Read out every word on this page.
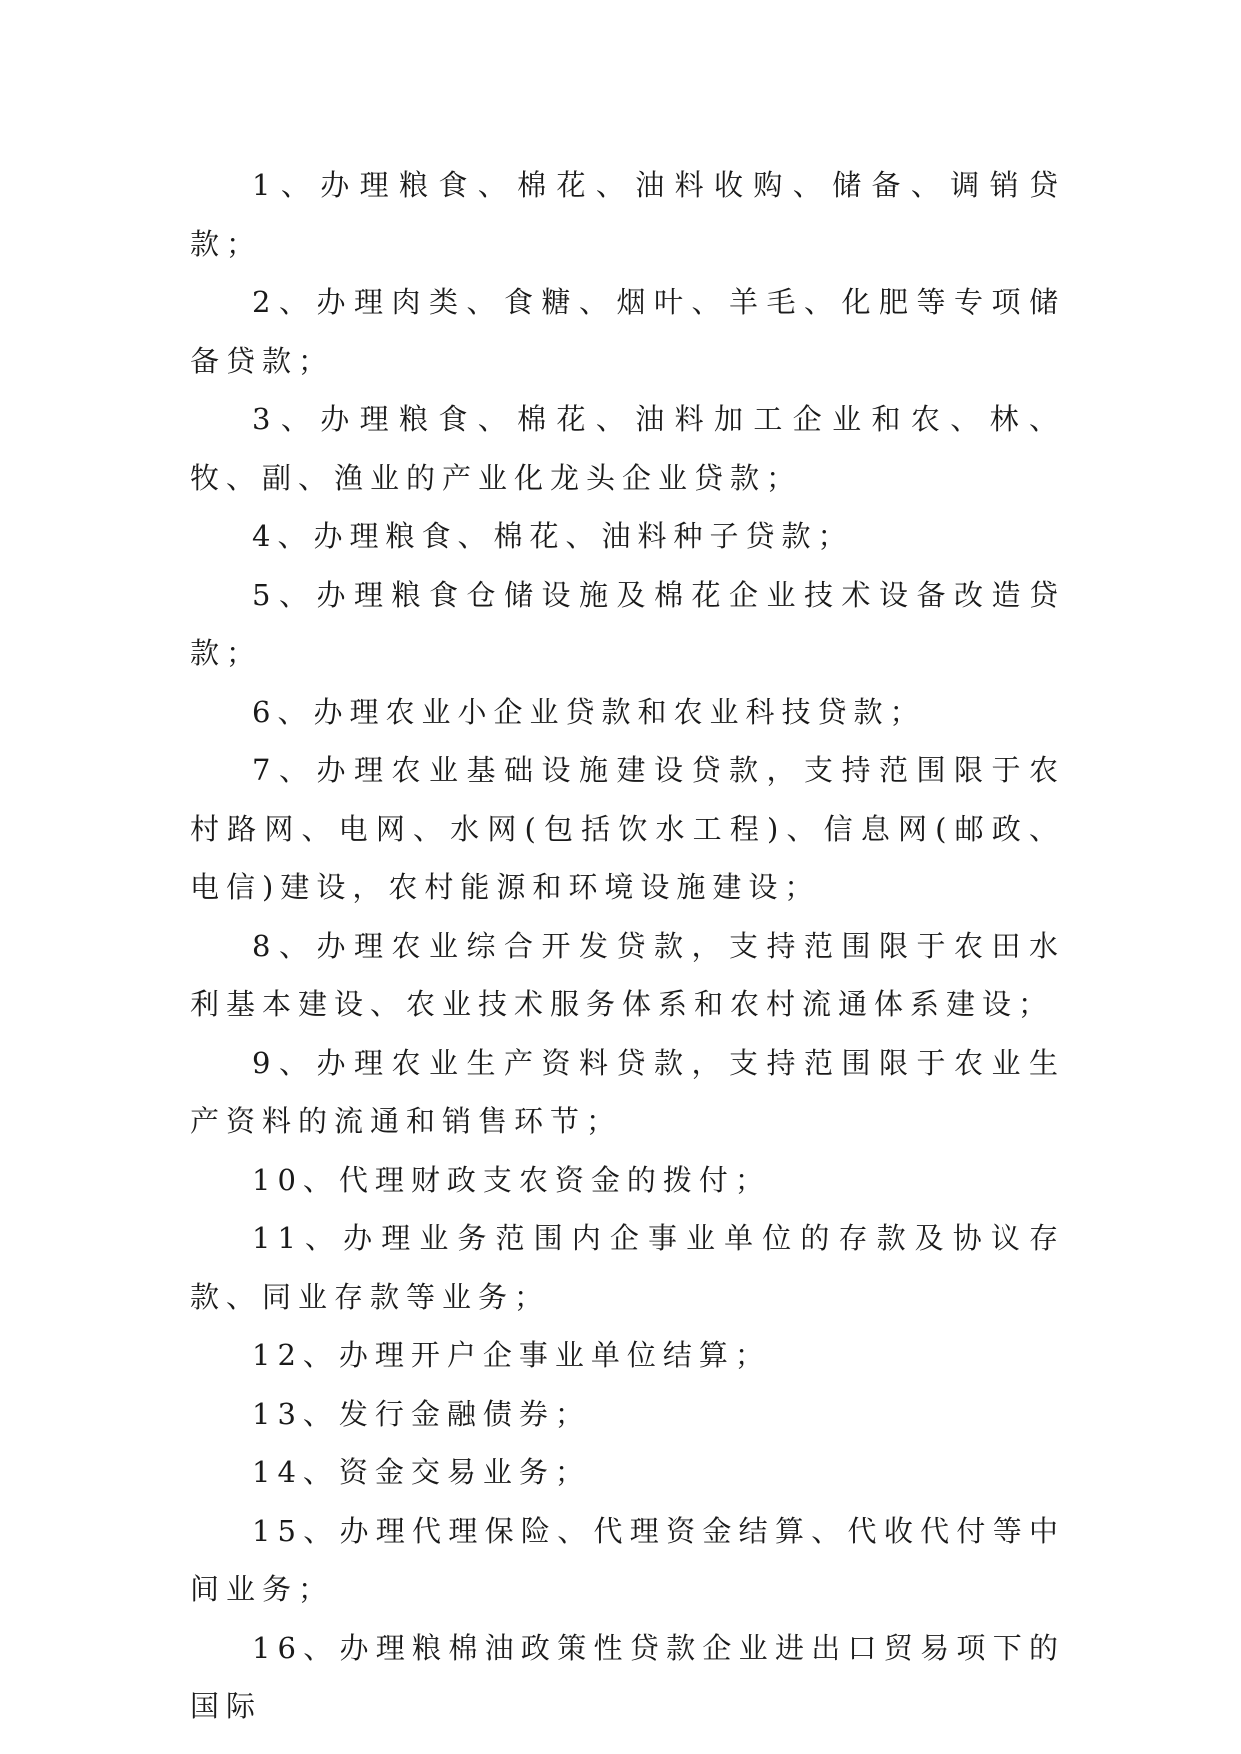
1、办理粮食、棉花、油料收购、储备、调销贷款；

2、办理肉类、食糖、烟叶、羊毛、化肥等专项储备贷款；

3、办理粮食、棉花、油料加工企业和农、林、牧、副、渔业的产业化龙头企业贷款；

4、办理粮食、棉花、油料种子贷款；

5、办理粮食仓储设施及棉花企业技术设备改造贷款；

6、办理农业小企业贷款和农业科技贷款；

7、办理农业基础设施建设贷款，支持范围限于农村路网、电网、水网(包括饮水工程)、信息网(邮政、电信)建设，农村能源和环境设施建设；

8、办理农业综合开发贷款，支持范围限于农田水利基本建设、农业技术服务体系和农村流通体系建设；

9、办理农业生产资料贷款，支持范围限于农业生产资料的流通和销售环节；

10、代理财政支农资金的拨付；

11、办理业务范围内企事业单位的存款及协议存款、同业存款等业务；

12、办理开户企事业单位结算；

13、发行金融债券；

14、资金交易业务；

15、办理代理保险、代理资金结算、代收代付等中间业务；

16、办理粮棉油政策性贷款企业进出口贸易项下的国际
